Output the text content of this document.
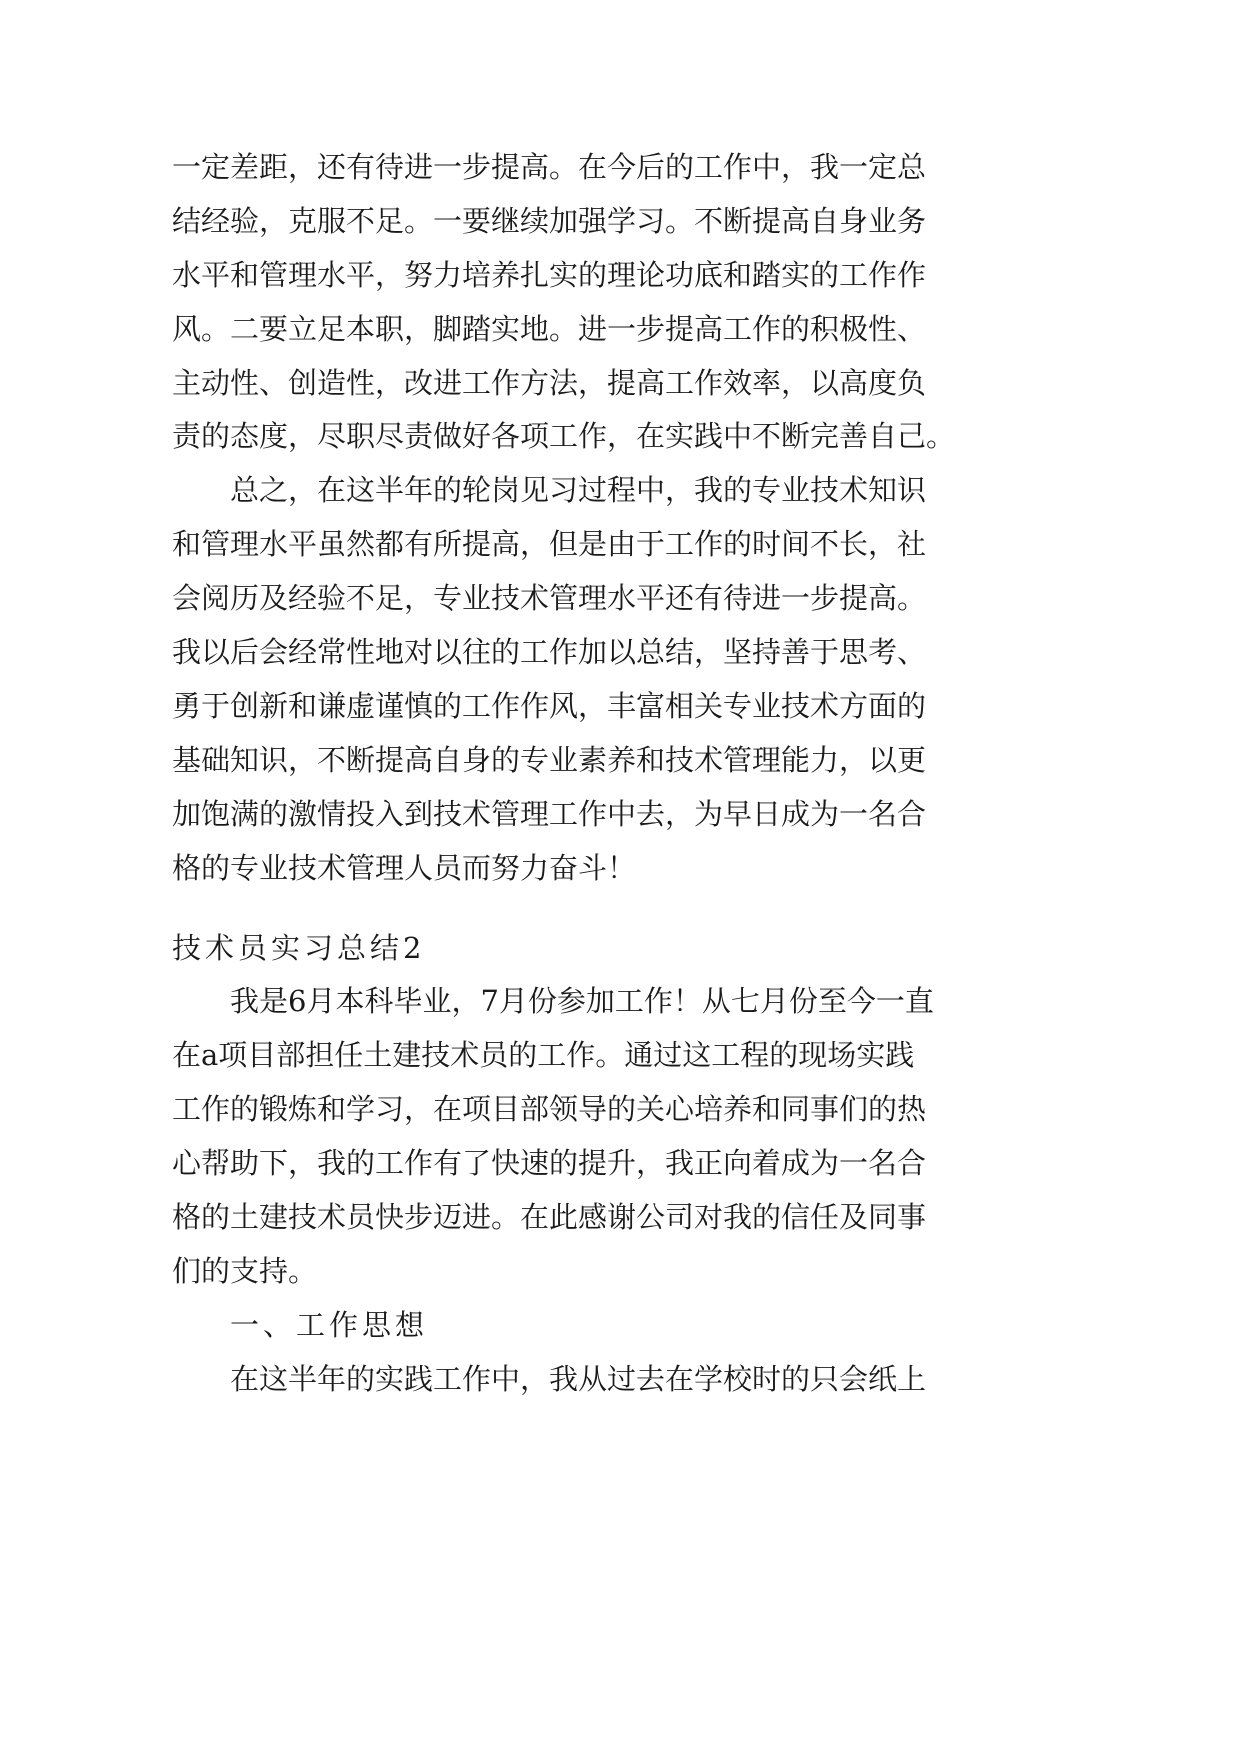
一定差距，还有待进一步提高。在今后的工作中，我一定总
结经验，克服不足。一要继续加强学习。不断提高自身业务
水平和管理水平，努力培养扎实的理论功底和踏实的工作作
风。二要立足本职，脚踏实地。进一步提高工作的积极性、
主动性、创造性，改进工作方法，提高工作效率，以高度负
责的态度，尽职尽责做好各项工作，在实践中不断完善自己。
总之，在这半年的轮岗见习过程中，我的专业技术知识
和管理水平虽然都有所提高，但是由于工作的时间不长，社
会阅历及经验不足，专业技术管理水平还有待进一步提高。
我以后会经常性地对以往的工作加以总结，坚持善于思考、
勇于创新和谦虚谨慎的工作作风，丰富相关专业技术方面的
基础知识，不断提高自身的专业素养和技术管理能力，以更
加饱满的激情投入到技术管理工作中去，为早日成为一名合
格的专业技术管理人员而努力奋斗！
技术员实习总结2
我是6月本科毕业，7月份参加工作！从七月份至今一直
在a项目部担任土建技术员的工作。通过这工程的现场实践
工作的锻炼和学习，在项目部领导的关心培养和同事们的热
心帮助下，我的工作有了快速的提升，我正向着成为一名合
格的土建技术员快步迈进。在此感谢公司对我的信任及同事
们的支持。
一、工作思想
在这半年的实践工作中，我从过去在学校时的只会纸上
